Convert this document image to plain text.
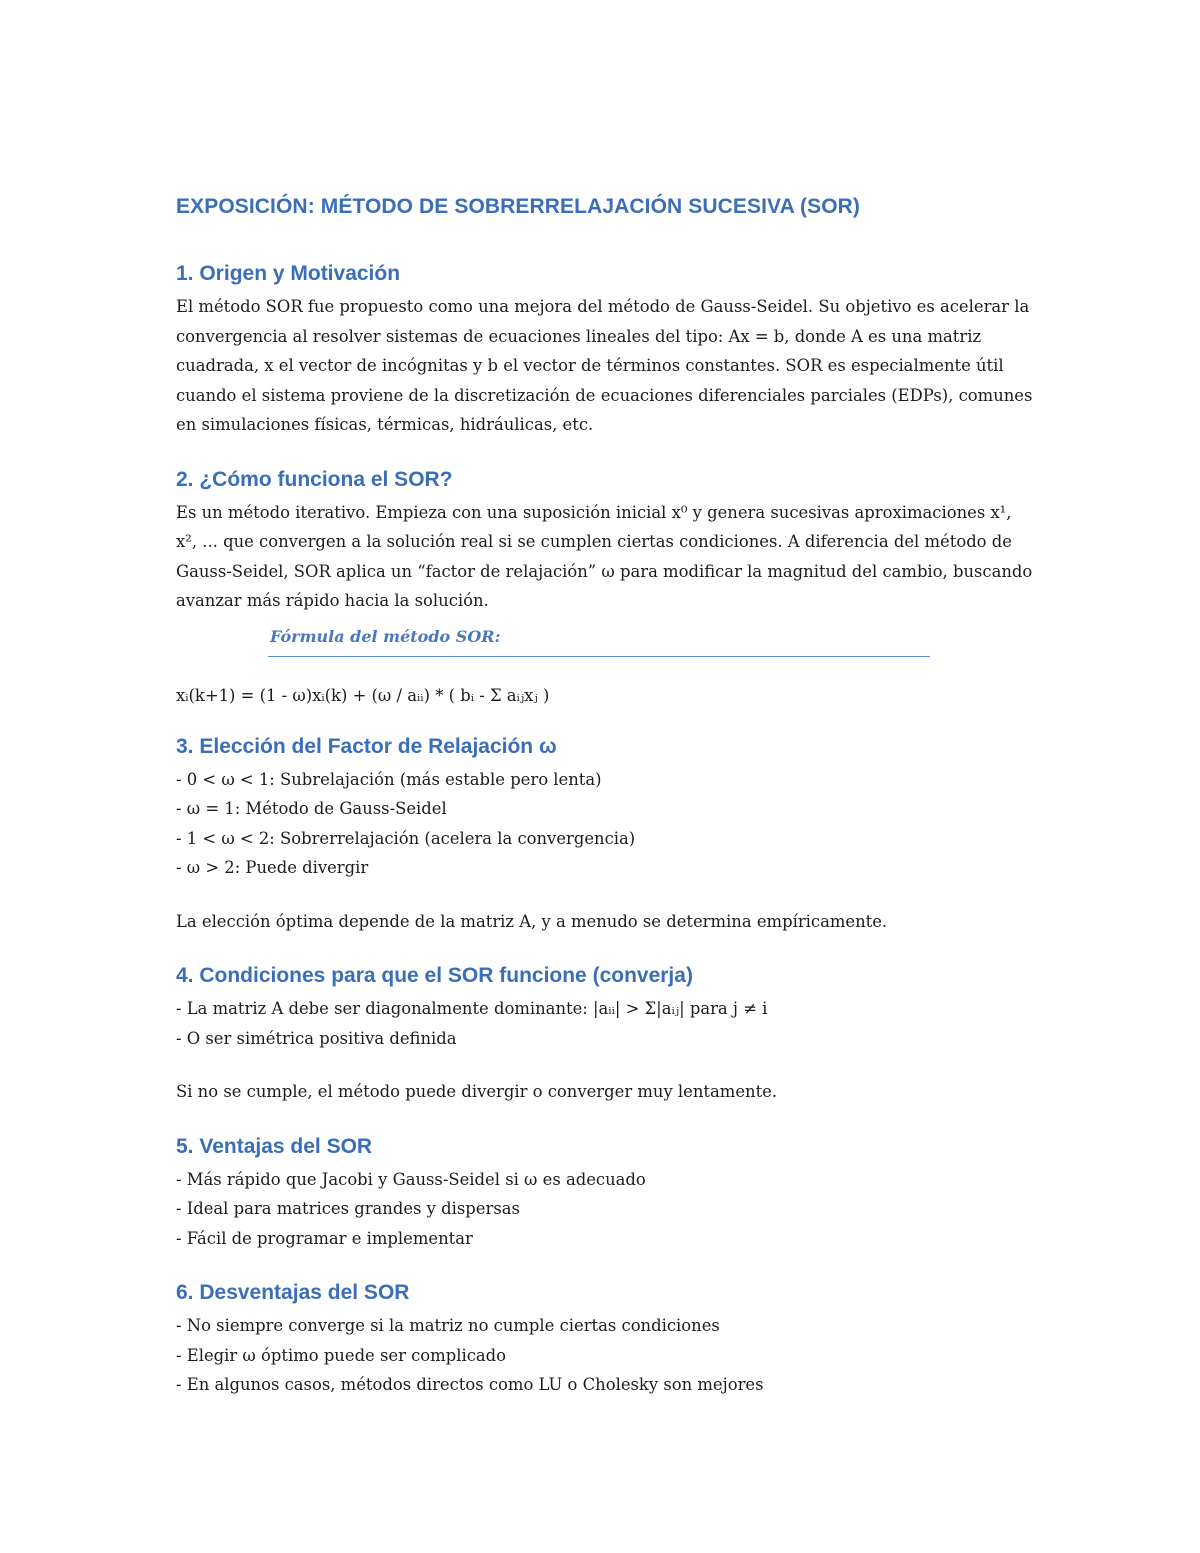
EXPOSICIÓN: MÉTODO DE SOBRERRELAJACIÓN SUCESIVA (SOR)
1. Origen y Motivación

El método SOR fue propuesto como una mejora del método de Gauss-Seidel. Su objetivo es acelerar la convergencia al resolver sistemas de ecuaciones lineales del tipo: Ax = b, donde A es una matriz cuadrada, x el vector de incógnitas y b el vector de términos constantes. SOR es especialmente útil cuando el sistema proviene de la discretización de ecuaciones diferenciales parciales (EDPs), comunes en simulaciones físicas, térmicas, hidráulicas, etc.

2. ¿Cómo funciona el SOR?

Es un método iterativo. Empieza con una suposición inicial x⁰ y genera sucesivas aproximaciones x¹, x², ... que convergen a la solución real si se cumplen ciertas condiciones. A diferencia del método de Gauss-Seidel, SOR aplica un “factor de relajación” ω para modificar la magnitud del cambio, buscando avanzar más rápido hacia la solución.

Fórmula del método SOR:
xᵢ(k+1) = (1 - ω)xᵢ(k) + (ω / aᵢᵢ) * ( bᵢ - Σ aᵢⱼxⱼ )
3. Elección del Factor de Relajación ω
- 0 < ω < 1: Subrelajación (más estable pero lenta)
- ω = 1: Método de Gauss-Seidel
- 1 < ω < 2: Sobrerrelajación (acelera la convergencia)
- ω > 2: Puede divergir

La elección óptima depende de la matriz A, y a menudo se determina empíricamente.

4. Condiciones para que el SOR funcione (converja)
- La matriz A debe ser diagonalmente dominante: |aᵢᵢ| > Σ|aᵢⱼ| para j ≠ i
- O ser simétrica positiva definida

Si no se cumple, el método puede divergir o converger muy lentamente.

5. Ventajas del SOR
- Más rápido que Jacobi y Gauss-Seidel si ω es adecuado
- Ideal para matrices grandes y dispersas
- Fácil de programar e implementar
6. Desventajas del SOR
- No siempre converge si la matriz no cumple ciertas condiciones
- Elegir ω óptimo puede ser complicado
- En algunos casos, métodos directos como LU o Cholesky son mejores
